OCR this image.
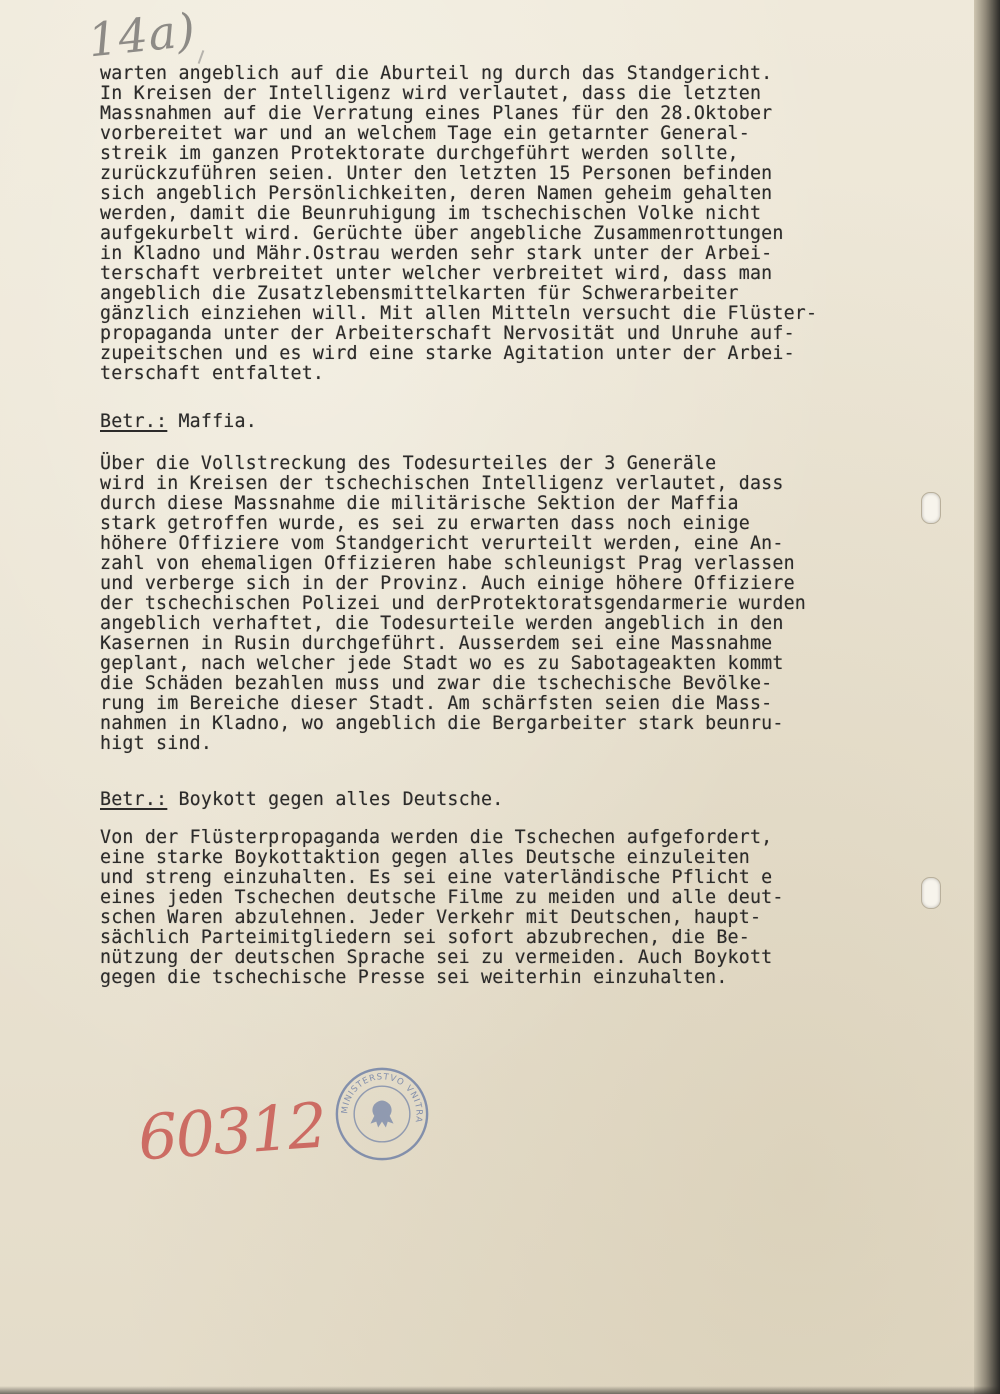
14a)
warten angeblich auf die Aburteil ng durch das Standgericht.
In Kreisen der Intelligenz wird verlautet, dass die letzten
Massnahmen auf die Verratung eines Planes für den 28.Oktober
vorbereitet war und an welchem Tage ein getarnter General-
streik im ganzen Protektorate durchgeführt werden sollte,
zurückzuführen seien. Unter den letzten 15 Personen befinden
sich angeblich Persönlichkeiten, deren Namen geheim gehalten
werden, damit die Beunruhigung im tschechischen Volke nicht
aufgekurbelt wird. Gerüchte über angebliche Zusammenrottungen
in Kladno und Mähr.Ostrau werden sehr stark unter der Arbei-
terschaft verbreitet unter welcher verbreitet wird, dass man
angeblich die Zusatzlebensmittelkarten für Schwerarbeiter
gänzlich einziehen will. Mit allen Mitteln versucht die Flüster-
propaganda unter der Arbeiterschaft Nervosität und Unruhe auf-
zupeitschen und es wird eine starke Agitation unter der Arbei-
terschaft entfaltet.
Betr.: Maffia.
Über die Vollstreckung des Todesurteiles der 3 Generäle
wird in Kreisen der tschechischen Intelligenz verlautet, dass
durch diese Massnahme die militärische Sektion der Maffia
stark getroffen wurde, es sei zu erwarten dass noch einige
höhere Offiziere vom Standgericht verurteilt werden, eine An-
zahl von ehemaligen Offizieren habe schleunigst Prag verlassen
und verberge sich in der Provinz. Auch einige höhere Offiziere
der tschechischen Polizei und derProtektoratsgendarmerie wurden
angeblich verhaftet, die Todesurteile werden angeblich in den
Kasernen in Rusin durchgeführt. Ausserdem sei eine Massnahme
geplant, nach welcher jede Stadt wo es zu Sabotageakten kommt
die Schäden bezahlen muss und zwar die tschechische Bevölke-
rung im Bereiche dieser Stadt. Am schärfsten seien die Mass-
nahmen in Kladno, wo angeblich die Bergarbeiter stark beunru-
higt sind.
Betr.: Boykott gegen alles Deutsche.
Von der Flüsterpropaganda werden die Tschechen aufgefordert,
eine starke Boykottaktion gegen alles Deutsche einzuleiten
und streng einzuhalten. Es sei eine vaterländische Pflicht e
eines jeden Tschechen deutsche Filme zu meiden und alle deut-
schen Waren abzulehnen. Jeder Verkehr mit Deutschen, haupt-
sächlich Parteimitgliedern sei sofort abzubrechen, die Be-
nützung der deutschen Sprache sei zu vermeiden. Auch Boykott
gegen die tschechische Presse sei weiterhin einzuhalten.
MINISTERSTVO VNITRA
60312
